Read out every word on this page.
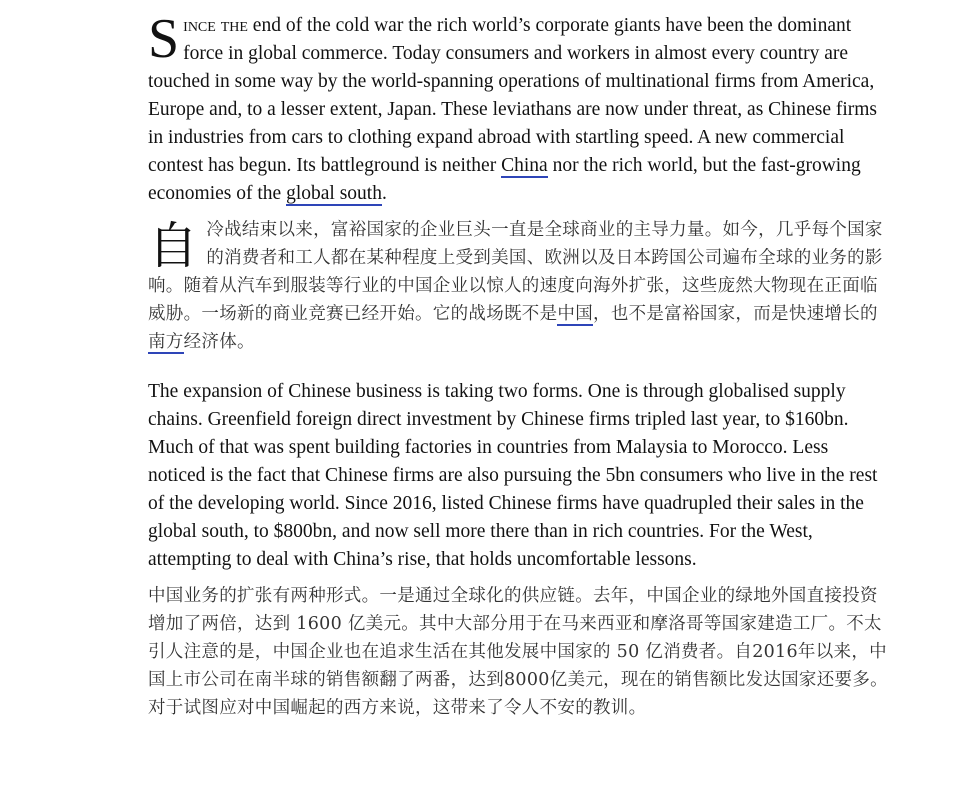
Since the end of the cold war the rich world’s corporate giants have been the dominant force in global commerce. Today consumers and workers in almost every country are touched in some way by the world-spanning operations of multinational firms from America, Europe and, to a lesser extent, Japan. These leviathans are now under threat, as Chinese firms in industries from cars to clothing expand abroad with startling speed. A new commercial contest has begun. Its battleground is neither China nor the rich world, but the fast-growing economies of the global south.

自冷战结束以来，富裕国家的企业巨头一直是全球商业的主导力量。如今，几乎每个国家的消费者和工人都在某种程度上受到美国、欧洲以及日本跨国公司遍布全球的业务的影响。随着从汽车到服装等行业的中国企业以惊人的速度向海外扩张，这些庞然大物现在正面临威胁。一场新的商业竞赛已经开始。它的战场既不是中国，也不是富裕国家，而是快速增长的南方经济体。

The expansion of Chinese business is taking two forms. One is through globalised supply chains. Greenfield foreign direct investment by Chinese firms tripled last year, to $160bn. Much of that was spent building factories in countries from Malaysia to Morocco. Less noticed is the fact that Chinese firms are also pursuing the 5bn consumers who live in the rest of the developing world. Since 2016, listed Chinese firms have quadrupled their sales in the global south, to $800bn, and now sell more there than in rich countries. For the West, attempting to deal with China’s rise, that holds uncomfortable lessons.

中国业务的扩张有两种形式。一是通过全球化的供应链。去年，中国企业的绿地外国直接投资增加了两倍，达到 1600 亿美元。其中大部分用于在马来西亚和摩洛哥等国家建造工厂。不太引人注意的是，中国企业也在追求生活在其他发展中国家的 50 亿消费者。自2016年以来，中国上市公司在南半球的销售额翻了两番，达到8000亿美元，现在的销售额比发达国家还要多。对于试图应对中国崛起的西方来说，这带来了令人不安的教训。
